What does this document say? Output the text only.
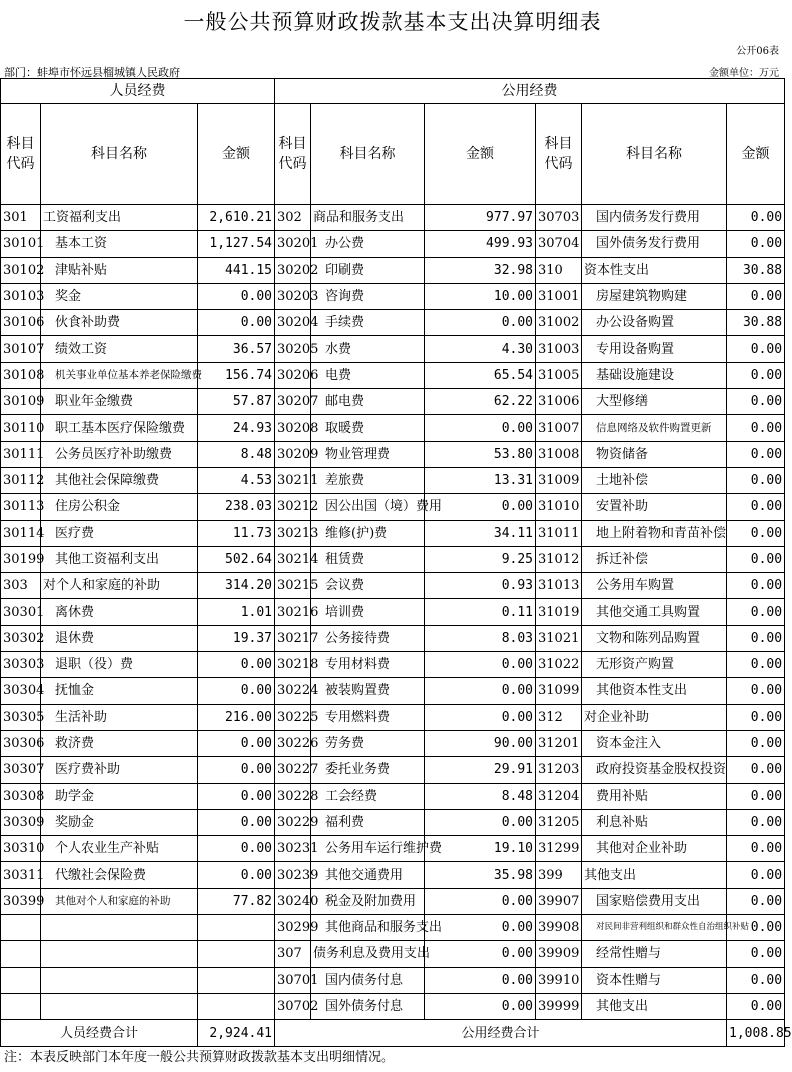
一般公共预算财政拨款基本支出决算明细表
公开06表
部门：蚌埠市怀远县榴城镇人民政府	金额单位：万元
人员经费			公用经费					
科目代码	科目名称	金额	科目代码	科目名称	金额	科目代码	科目名称	金额
301	工资福利支出	2,610.21	302	商品和服务支出	977.97	30703	国内债务发行费用	0.00
30101	基本工资	1,127.54	30201	办公费	499.93	30704	国外债务发行费用	0.00
30102	津贴补贴	441.15	30202	印刷费	32.98	310	资本性支出	30.88
30103	奖金	0.00	30203	咨询费	10.00	31001	房屋建筑物购建	0.00
30106	伙食补助费	0.00	30204	手续费	0.00	31002	办公设备购置	30.88
30107	绩效工资	36.57	30205	水费	4.30	31003	专用设备购置	0.00
30108	机关事业单位基本养老保险缴费	156.74	30206	电费	65.54	31005	基础设施建设	0.00
30109	职业年金缴费	57.87	30207	邮电费	62.22	31006	大型修缮	0.00
30110	职工基本医疗保险缴费	24.93	30208	取暖费	0.00	31007	信息网络及软件购置更新	0.00
30111	公务员医疗补助缴费	8.48	30209	物业管理费	53.80	31008	物资储备	0.00
30112	其他社会保障缴费	4.53	30211	差旅费	13.31	31009	土地补偿	0.00
30113	住房公积金	238.03	30212	因公出国（境）费用	0.00	31010	安置补助	0.00
30114	医疗费	11.73	30213	维修(护)费	34.11	31011	地上附着物和青苗补偿	0.00
30199	其他工资福利支出	502.64	30214	租赁费	9.25	31012	拆迁补偿	0.00
303	对个人和家庭的补助	314.20	30215	会议费	0.93	31013	公务用车购置	0.00
30301	离休费	1.01	30216	培训费	0.11	31019	其他交通工具购置	0.00
30302	退休费	19.37	30217	公务接待费	8.03	31021	文物和陈列品购置	0.00
30303	退职（役）费	0.00	30218	专用材料费	0.00	31022	无形资产购置	0.00
30304	抚恤金	0.00	30224	被装购置费	0.00	31099	其他资本性支出	0.00
30305	生活补助	216.00	30225	专用燃料费	0.00	312	对企业补助	0.00
30306	救济费	0.00	30226	劳务费	90.00	31201	资本金注入	0.00
30307	医疗费补助	0.00	30227	委托业务费	29.91	31203	政府投资基金股权投资	0.00
30308	助学金	0.00	30228	工会经费	8.48	31204	费用补贴	0.00
30309	奖励金	0.00	30229	福利费	0.00	31205	利息补贴	0.00
30310	个人农业生产补贴	0.00	30231	公务用车运行维护费	19.10	31299	其他对企业补助	0.00
30311	代缴社会保险费	0.00	30239	其他交通费用	35.98	399	其他支出	0.00
30399	其他对个人和家庭的补助	77.82	30240	税金及附加费用	0.00	39907	国家赔偿费用支出	0.00
			30299	其他商品和服务支出	0.00	39908	对民间非营利组织和群众性自治组织补贴	0.00
			307	债务利息及费用支出	0.00	39909	经常性赠与	0.00
			30701	国内债务付息	0.00	39910	资本性赠与	0.00
			30702	国外债务付息	0.00	39999	其他支出	0.00
人员经费合计		2,924.41	公用经费合计					1,008.85
注：本表反映部门本年度一般公共预算财政拨款基本支出明细情况。
